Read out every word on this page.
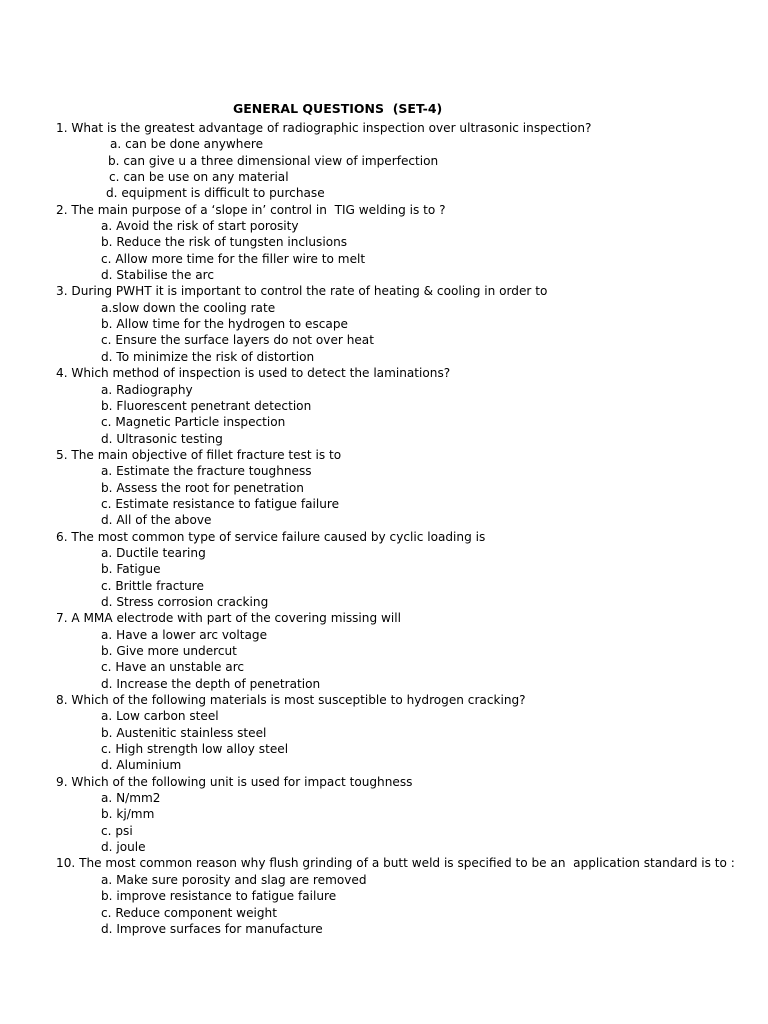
GENERAL QUESTIONS  (SET-4)
1. What is the greatest advantage of radiographic inspection over ultrasonic inspection?
a. can be done anywhere
b. can give u a three dimensional view of imperfection
c. can be use on any material
d. equipment is difficult to purchase
2. The main purpose of a ‘slope in’ control in  TIG welding is to ?
a. Avoid the risk of start porosity
b. Reduce the risk of tungsten inclusions
c. Allow more time for the filler wire to melt
d. Stabilise the arc
3. During PWHT it is important to control the rate of heating & cooling in order to
a.slow down the cooling rate
b. Allow time for the hydrogen to escape
c. Ensure the surface layers do not over heat
d. To minimize the risk of distortion
4. Which method of inspection is used to detect the laminations?
a. Radiography
b. Fluorescent penetrant detection
c. Magnetic Particle inspection
d. Ultrasonic testing
5. The main objective of fillet fracture test is to
a. Estimate the fracture toughness
b. Assess the root for penetration
c. Estimate resistance to fatigue failure
d. All of the above
6. The most common type of service failure caused by cyclic loading is
a. Ductile tearing
b. Fatigue
c. Brittle fracture
d. Stress corrosion cracking
7. A MMA electrode with part of the covering missing will
a. Have a lower arc voltage
b. Give more undercut
c. Have an unstable arc
d. Increase the depth of penetration
8. Which of the following materials is most susceptible to hydrogen cracking?
a. Low carbon steel
b. Austenitic stainless steel
c. High strength low alloy steel
d. Aluminium
9. Which of the following unit is used for impact toughness
a. N/mm2
b. kj/mm
c. psi
d. joule
10. The most common reason why flush grinding of a butt weld is specified to be an  application standard is to :
a. Make sure porosity and slag are removed
b. improve resistance to fatigue failure
c. Reduce component weight
d. Improve surfaces for manufacture
